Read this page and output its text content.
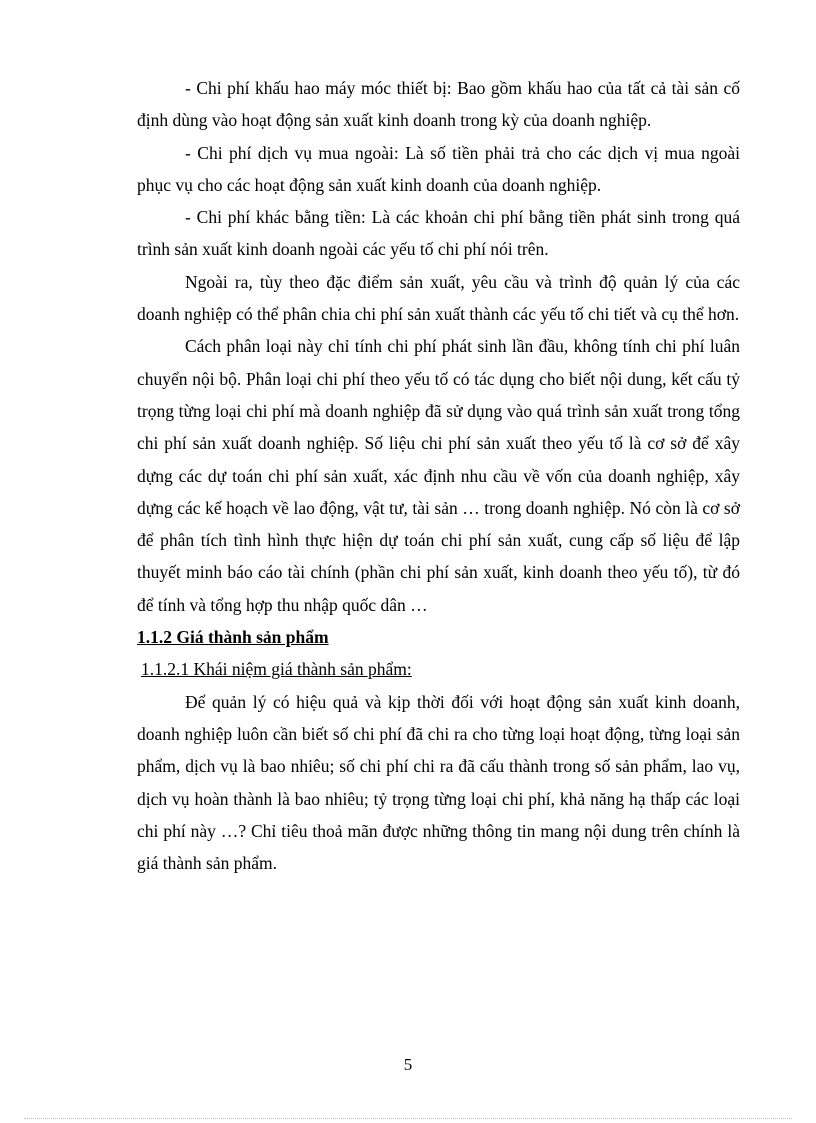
- Chi phí khấu hao máy móc thiết bị: Bao gồm khấu hao của tất cả tài sản cố định dùng vào hoạt động sản xuất kinh doanh trong kỳ của doanh nghiệp.

- Chi phí dịch vụ mua ngoài: Là số tiền phải trả cho các dịch vị mua ngoài phục vụ cho các hoạt động sản xuất kinh doanh của doanh nghiệp.

- Chi phí khác bằng tiền: Là các khoản chi phí bằng tiền phát sinh trong quá trình sản xuất kinh doanh ngoài các yếu tố chi phí nói trên.

Ngoài ra, tùy theo đặc điểm sản xuất, yêu cầu và trình độ quản lý của các doanh nghiệp có thể phân chia chi phí sản xuất thành các yếu tố chi tiết và cụ thể hơn.

Cách phân loại này chỉ tính chi phí phát sinh lần đầu, không tính chi phí luân chuyển nội bộ. Phân loại chi phí theo yếu tố có tác dụng cho biết nội dung, kết cấu tỷ trọng từng loại chi phí mà doanh nghiệp đã sử dụng vào quá trình sản xuất trong tổng chi phí sản xuất doanh nghiệp. Số liệu chi phí sản xuất theo yếu tố là cơ sở để xây dựng các dự toán chi phí sản xuất, xác định nhu cầu về vốn của doanh nghiệp, xây dựng các kế hoạch về lao động, vật tư, tài sản … trong doanh nghiệp. Nó còn là cơ sở để phân tích tình hình thực hiện dự toán chi phí sản xuất, cung cấp số liệu để lập thuyết minh báo cáo tài chính (phần chi phí sản xuất, kinh doanh theo yếu tố), từ đó để tính và tổng hợp thu nhập quốc dân …

1.1.2 Giá thành sản phẩm

1.1.2.1 Khái niệm giá thành sản phẩm:

Để quản lý có hiệu quả và kịp thời đối với hoạt động sản xuất kinh doanh, doanh nghiệp luôn cần biết số chi phí đã chi ra cho từng loại hoạt động, từng loại sản phẩm, dịch vụ là bao nhiêu; số chi phí chi ra đã cấu thành trong số sản phẩm, lao vụ, dịch vụ hoàn thành là bao nhiêu; tỷ trọng từng loại chi phí, khả năng hạ thấp các loại chi phí này …? Chỉ tiêu thoả mãn được những thông tin mang nội dung trên chính là giá thành sản phẩm.

5
